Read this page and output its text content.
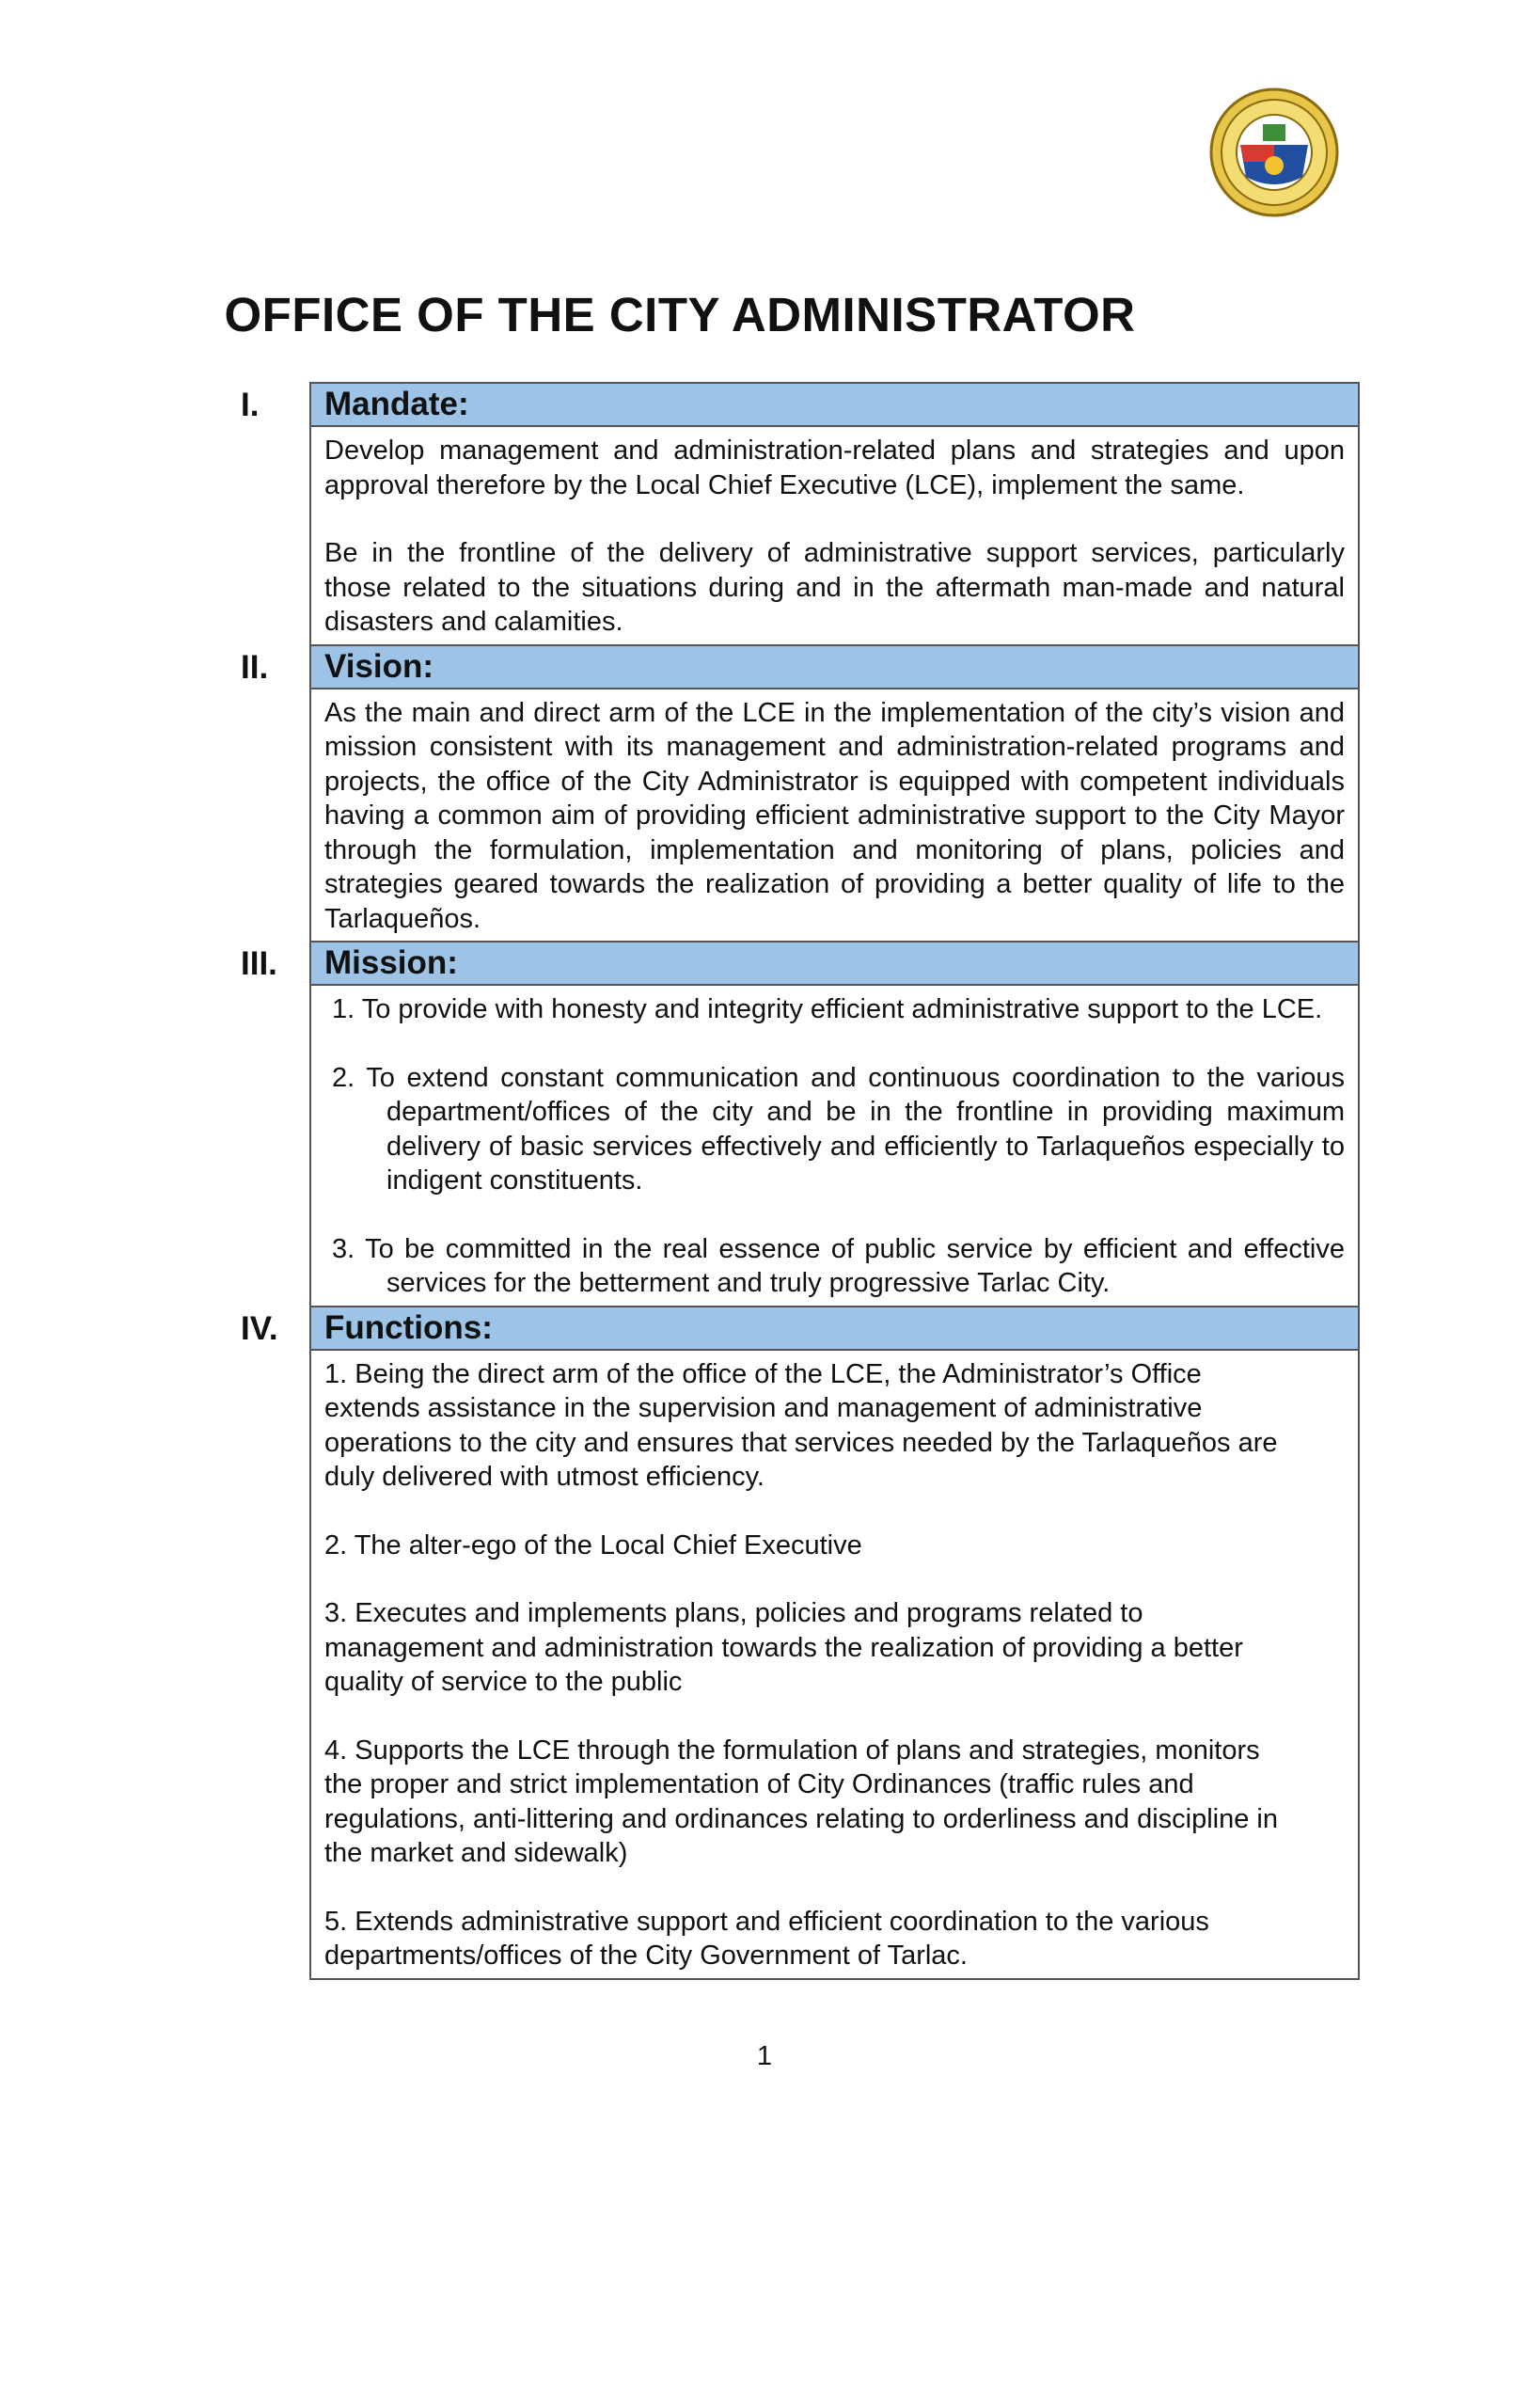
OFFICE OF THE CITY ADMINISTRATOR
I.	Mandate:

Develop management and administration-related plans and strategies and upon approval therefore by the Local Chief Executive (LCE), implement the same.

Be in the frontline of the delivery of administrative support services, particularly those related to the situations during and in the aftermath man-made and natural disasters and calamities.

II.	Vision:

As the main and direct arm of the LCE in the implementation of the city’s vision and mission consistent with its management and administration-related programs and projects, the office of the City Administrator is equipped with competent individuals having a common aim of providing efficient administrative support to the City Mayor through the formulation, implementation and monitoring of plans, policies and strategies geared towards the realization of providing a better quality of life to the Tarlaqueños.

III.	Mission:

1. To provide with honesty and integrity efficient administrative support to the LCE.

2. To extend constant communication and continuous coordination to the various department/offices of the city and be in the frontline in providing maximum delivery of basic services effectively and efficiently to Tarlaqueños especially to indigent constituents.

3. To be committed in the real essence of public service by efficient and effective services for the betterment and truly progressive Tarlac City.

IV.	Functions:

1. Being the direct arm of the office of the LCE, the Administrator’s Office extends assistance in the supervision and management of administrative operations to the city and ensures that services needed by the Tarlaqueños are duly delivered with utmost efficiency.

2. The alter-ego of the Local Chief Executive

3. Executes and implements plans, policies and programs related to management and administration towards the realization of providing a better quality of service to the public

4. Supports the LCE through the formulation of plans and strategies, monitors the proper and strict implementation of City Ordinances (traffic rules and regulations, anti-littering and ordinances relating to orderliness and discipline in the market and sidewalk)

5. Extends administrative support and efficient coordination to the various departments/offices of the City Government of Tarlac.

1
